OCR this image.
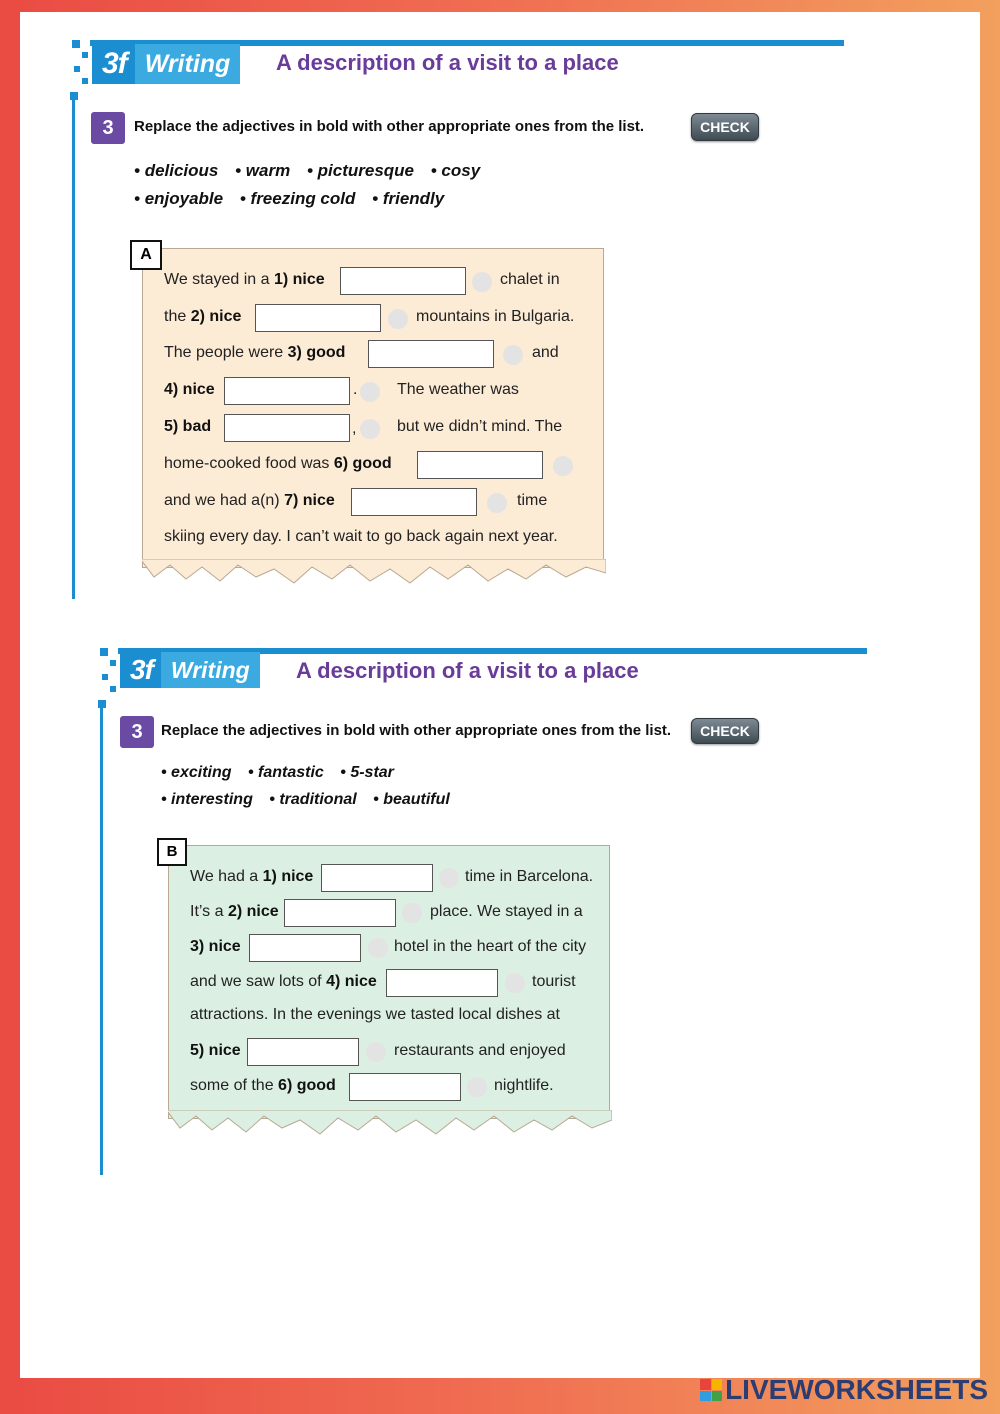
3f Writing	A description of a visit to a place
3	Replace the adjectives in bold with other appropriate ones from the list.	CHECK
• delicious • warm • picturesque • cosy
• enjoyable • freezing cold • friendly
A
We stayed in a 1) nice	chalet in
the 2) nice	mountains in Bulgaria.
The people were 3) good	and
4) nice	. The weather was
5) bad	,	but we didn’t mind. The
home-cooked food was 6) good
and we had a(n) 7) nice	time
skiing every day. I can’t wait to go back again next year.
3f Writing	A description of a visit to a place
3	Replace the adjectives in bold with other appropriate ones from the list.	CHECK
• exciting • fantastic • 5-star
• interesting • traditional • beautiful
B
We had a 1) nice	time in Barcelona.
It’s a 2) nice	place. We stayed in a
3) nice	hotel in the heart of the city
and we saw lots of 4) nice	tourist
attractions. In the evenings we tasted local dishes at
5) nice	restaurants and enjoyed
some of the 6) good	nightlife.
LIVEWORKSHEETS
